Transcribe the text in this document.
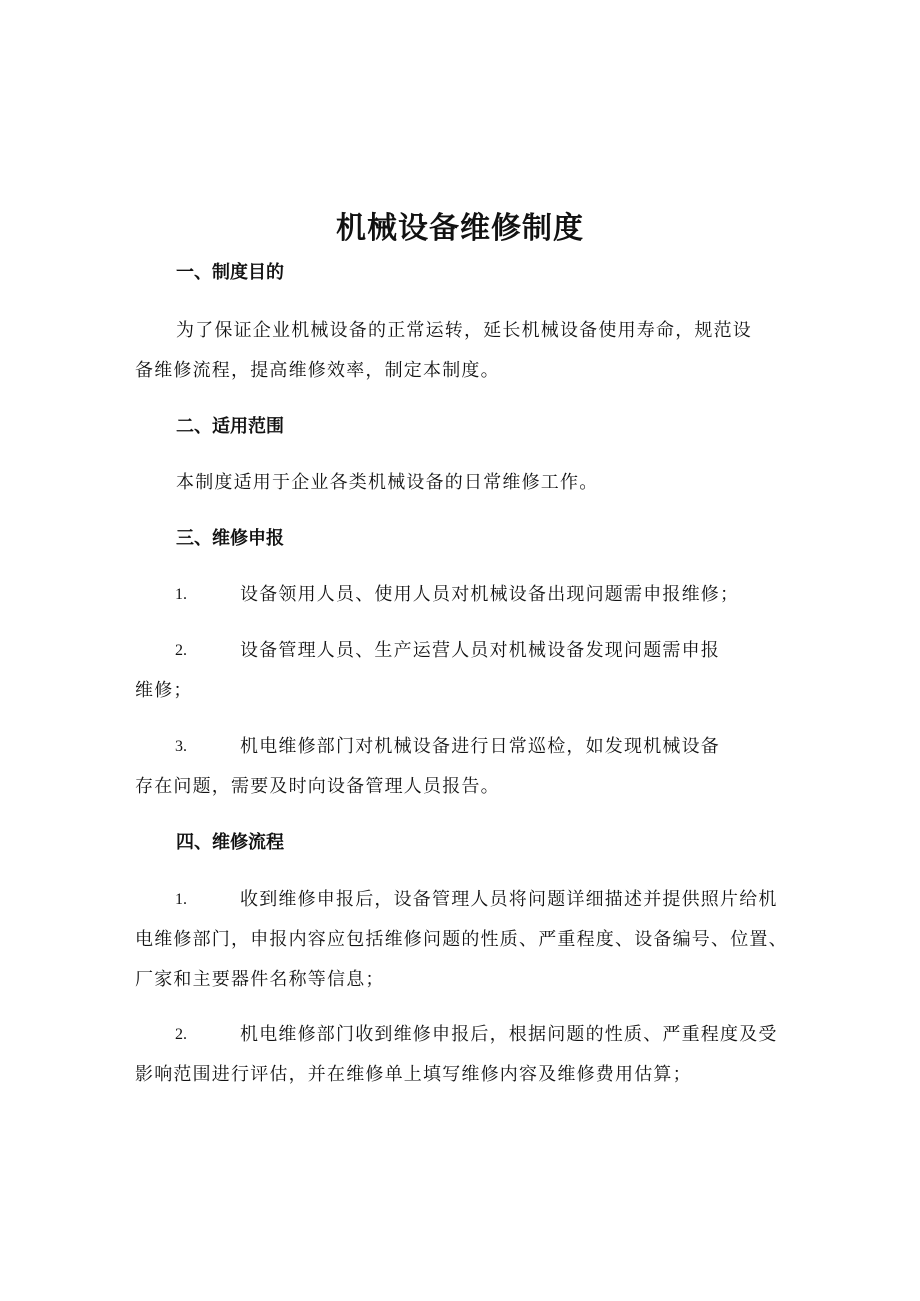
机械设备维修制度
一、制度目的
为了保证企业机械设备的正常运转，延长机械设备使用寿命，规范设
备维修流程，提高维修效率，制定本制度。
二、适用范围
本制度适用于企业各类机械设备的日常维修工作。
三、维修申报
1.	设备领用人员、使用人员对机械设备出现问题需申报维修；
2.	设备管理人员、生产运营人员对机械设备发现问题需申报
维修；
3.	机电维修部门对机械设备进行日常巡检，如发现机械设备
存在问题，需要及时向设备管理人员报告。
四、维修流程
1.	收到维修申报后，设备管理人员将问题详细描述并提供照片给机
电维修部门，申报内容应包括维修问题的性质、严重程度、设备编号、位置、
厂家和主要器件名称等信息；
2.	机电维修部门收到维修申报后，根据问题的性质、严重程度及受
影响范围进行评估，并在维修单上填写维修内容及维修费用估算；
